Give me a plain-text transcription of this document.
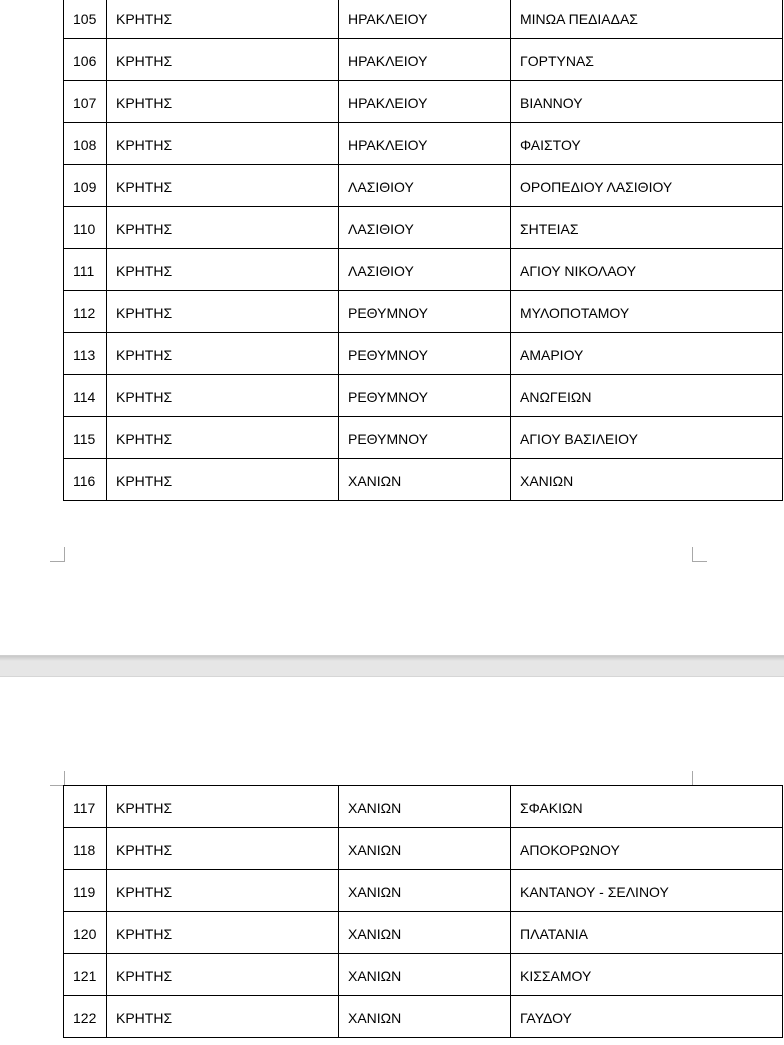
105	ΚΡΗΤΗΣ	ΗΡΑΚΛΕΙΟΥ	ΜΙΝΩΑ ΠΕΔΙΑΔΑΣ
106	ΚΡΗΤΗΣ	ΗΡΑΚΛΕΙΟΥ	ΓΟΡΤΥΝΑΣ
107	ΚΡΗΤΗΣ	ΗΡΑΚΛΕΙΟΥ	ΒΙΑΝΝΟΥ
108	ΚΡΗΤΗΣ	ΗΡΑΚΛΕΙΟΥ	ΦΑΙΣΤΟΥ
109	ΚΡΗΤΗΣ	ΛΑΣΙΘΙΟΥ	ΟΡΟΠΕΔΙΟΥ ΛΑΣΙΘΙΟΥ
110	ΚΡΗΤΗΣ	ΛΑΣΙΘΙΟΥ	ΣΗΤΕΙΑΣ
111	ΚΡΗΤΗΣ	ΛΑΣΙΘΙΟΥ	ΑΓΙΟΥ ΝΙΚΟΛΑΟΥ
112	ΚΡΗΤΗΣ	ΡΕΘΥΜΝΟΥ	ΜΥΛΟΠΟΤΑΜΟΥ
113	ΚΡΗΤΗΣ	ΡΕΘΥΜΝΟΥ	ΑΜΑΡΙΟΥ
114	ΚΡΗΤΗΣ	ΡΕΘΥΜΝΟΥ	ΑΝΩΓΕΙΩΝ
115	ΚΡΗΤΗΣ	ΡΕΘΥΜΝΟΥ	ΑΓΙΟΥ ΒΑΣΙΛΕΙΟΥ
116	ΚΡΗΤΗΣ	ΧΑΝΙΩΝ	ΧΑΝΙΩΝ
117	ΚΡΗΤΗΣ	ΧΑΝΙΩΝ	ΣΦΑΚΙΩΝ
118	ΚΡΗΤΗΣ	ΧΑΝΙΩΝ	ΑΠΟΚΟΡΩΝΟΥ
119	ΚΡΗΤΗΣ	ΧΑΝΙΩΝ	ΚΑΝΤΑΝΟΥ - ΣΕΛΙΝΟΥ
120	ΚΡΗΤΗΣ	ΧΑΝΙΩΝ	ΠΛΑΤΑΝΙΑ
121	ΚΡΗΤΗΣ	ΧΑΝΙΩΝ	ΚΙΣΣΑΜΟΥ
122	ΚΡΗΤΗΣ	ΧΑΝΙΩΝ	ΓΑΥΔΟΥ
